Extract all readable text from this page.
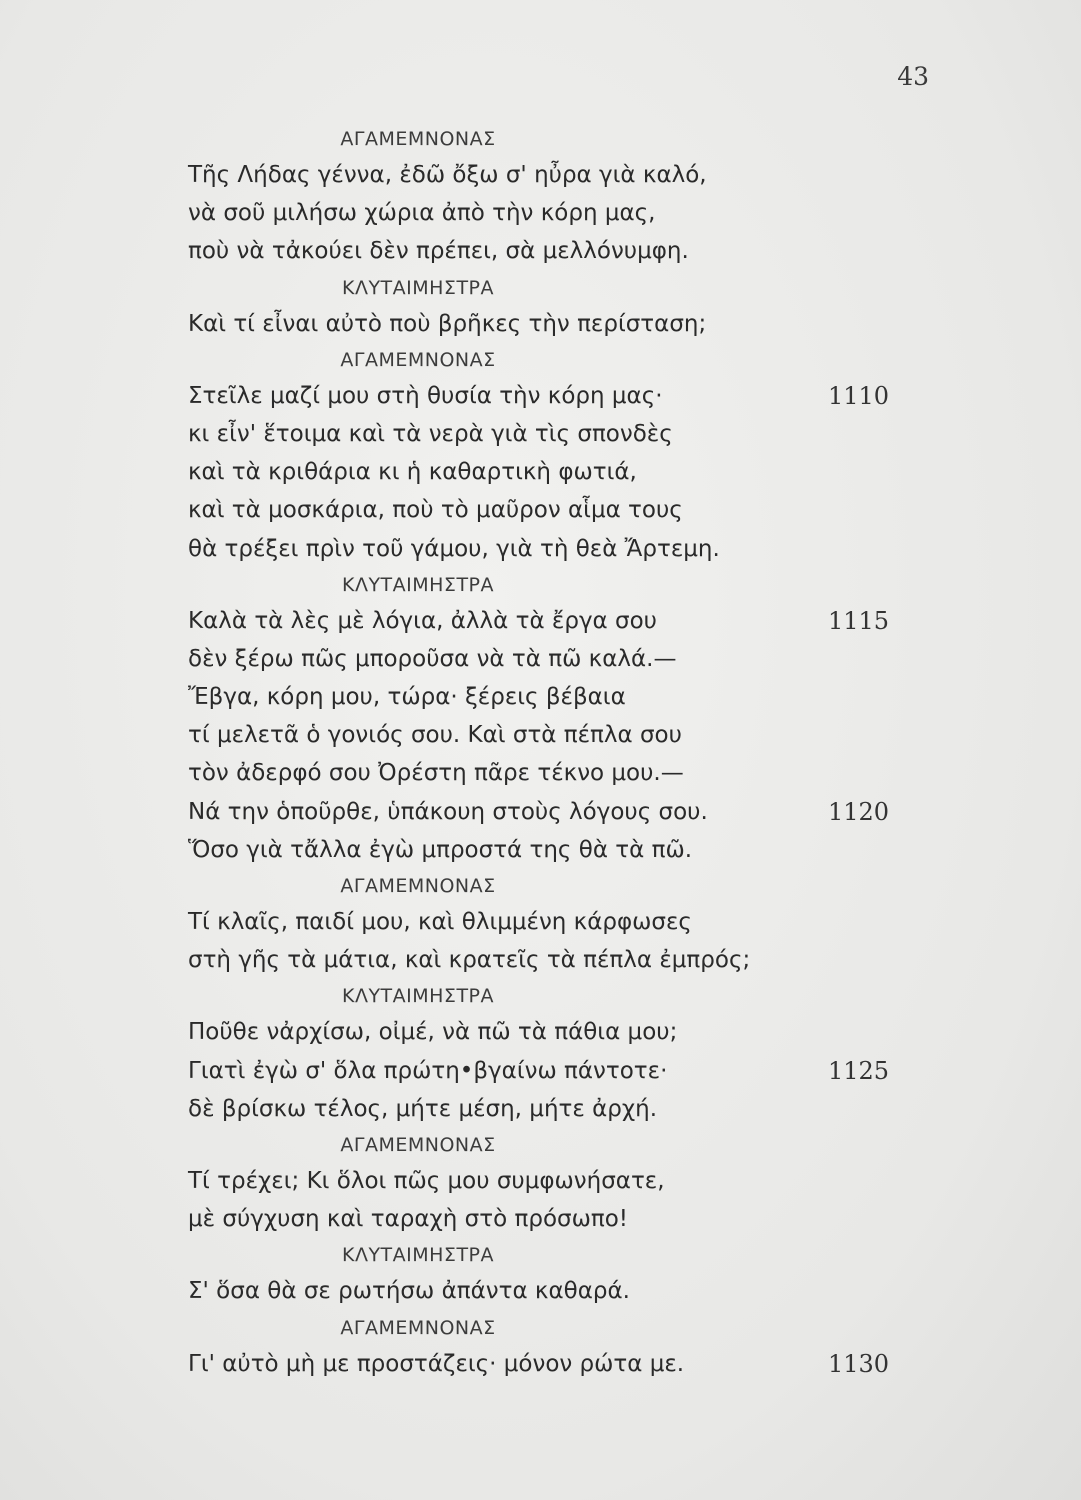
43
ΑΓΑΜΕΜΝΟΝΑΣ
Τῆς Λήδας γέννα, ἐδῶ ὄξω σ' ηὖρα γιὰ καλό,
νὰ σοῦ μιλήσω χώρια ἀπὸ τὴν κόρη μας,
ποὺ νὰ τἀκούει δὲν πρέπει, σὰ μελλόνυμφη.
ΚΛΥΤΑΙΜΗΣΤΡΑ
Καὶ τί εἶναι αὐτὸ ποὺ βρῆκες τὴν περίσταση;
ΑΓΑΜΕΜΝΟΝΑΣ
Στεῖλε μαζί μου στὴ θυσία τὴν κόρη μας·	1110
κι εἶν' ἕτοιμα καὶ τὰ νερὰ γιὰ τὶς σπονδὲς
καὶ τὰ κριθάρια κι ἡ καθαρτικὴ φωτιά,
καὶ τὰ μοσκάρια, ποὺ τὸ μαῦρον αἷμα τους
θὰ τρέξει πρὶν τοῦ γάμου, γιὰ τὴ θεὰ Ἄρτεμη.
ΚΛΥΤΑΙΜΗΣΤΡΑ
Καλὰ τὰ λὲς μὲ λόγια, ἀλλὰ τὰ ἔργα σου	1115
δὲν ξέρω πῶς μποροῦσα νὰ τὰ πῶ καλά.—
Ἔβγα, κόρη μου, τώρα· ξέρεις βέβαια
τί μελετᾶ ὁ γονιός σου. Καὶ στὰ πέπλα σου
τὸν ἀδερφό σου Ὀρέστη πᾶρε τέκνο μου.—
Νά την ὁποῦρθε, ὑπάκουη στοὺς λόγους σου.	1120
Ὅσο γιὰ τἄλλα ἐγὼ μπροστά της θὰ τὰ πῶ.
ΑΓΑΜΕΜΝΟΝΑΣ
Τί κλαῖς, παιδί μου, καὶ θλιμμένη κάρφωσες
στὴ γῆς τὰ μάτια, καὶ κρατεῖς τὰ πέπλα ἐμπρός;
ΚΛΥΤΑΙΜΗΣΤΡΑ
Ποῦθε νἀρχίσω, οἰμέ, νὰ πῶ τὰ πάθια μου;
Γιατὶ ἐγὼ σ' ὅλα πρώτη•βγαίνω πάντοτε·	1125
δὲ βρίσκω τέλος, μήτε μέση, μήτε ἀρχή.
ΑΓΑΜΕΜΝΟΝΑΣ
Τί τρέχει; Κι ὅλοι πῶς μου συμφωνήσατε,
μὲ σύγχυση καὶ ταραχὴ στὸ πρόσωπο!
ΚΛΥΤΑΙΜΗΣΤΡΑ
Σ' ὅσα θὰ σε ρωτήσω ἀπάντα καθαρά.
ΑΓΑΜΕΜΝΟΝΑΣ
Γι' αὐτὸ μὴ με προστάζεις· μόνον ρώτα με.	1130
